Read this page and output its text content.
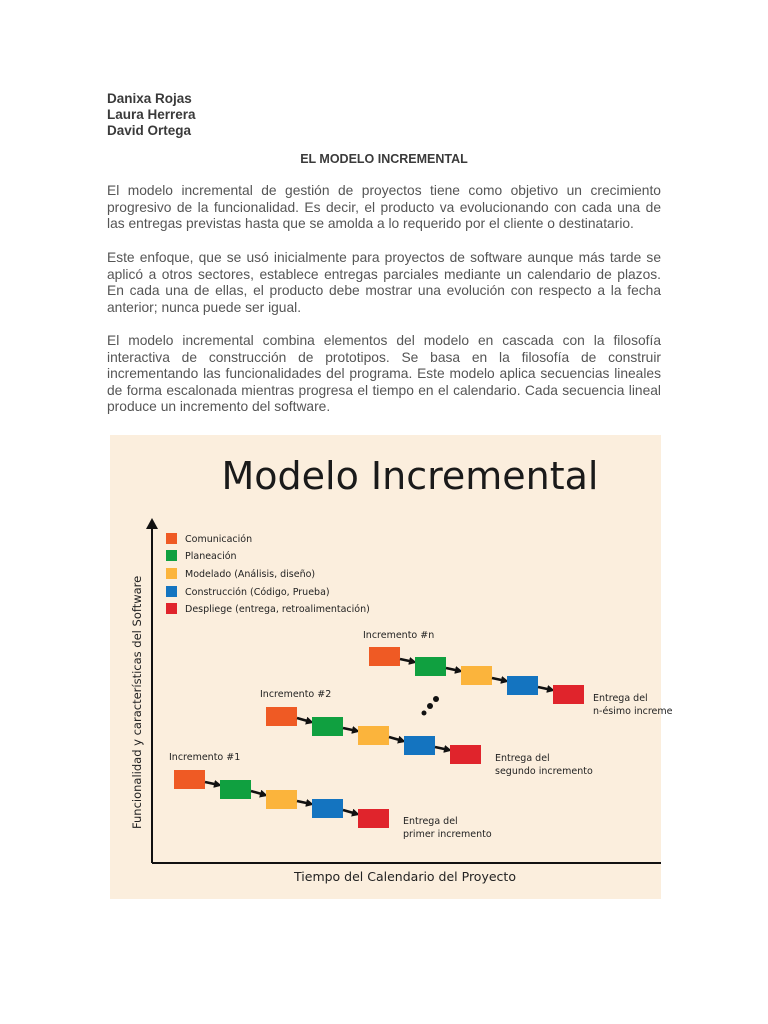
Danixa Rojas
Laura Herrera
David Ortega
EL MODELO INCREMENTAL

El modelo incremental de gestión de proyectos tiene como objetivo un crecimiento progresivo de la funcionalidad. Es decir, el producto va evolucionando con cada una de las entregas previstas hasta que se amolda a lo requerido por el cliente o destinatario.

Este enfoque, que se usó inicialmente para proyectos de software aunque más tarde se aplicó a otros sectores, establece entregas parciales mediante un calendario de plazos. En cada una de ellas, el producto debe mostrar una evolución con respecto a la fecha anterior; nunca puede ser igual.

El modelo incremental combina elementos del modelo en cascada con la filosofía interactiva de construcción de prototipos. Se basa en la filosofía de construir incrementando las funcionalidades del programa. Este modelo aplica secuencias lineales de forma escalonada mientras progresa el tiempo en el calendario. Cada secuencia lineal produce un incremento del software.

Modelo Incremental
Funcionalidad y características del Software
Tiempo del Calendario del Proyecto
Comunicación
Planeación
Modelado (Análisis, diseño)
Construcción (Código, Prueba)
Despliege (entrega, retroalimentación)
Incremento #n
Entrega del
n-ésimo increme
Incremento #2
Entrega del
segundo incremento
Incremento #1
Entrega del
primer incremento
